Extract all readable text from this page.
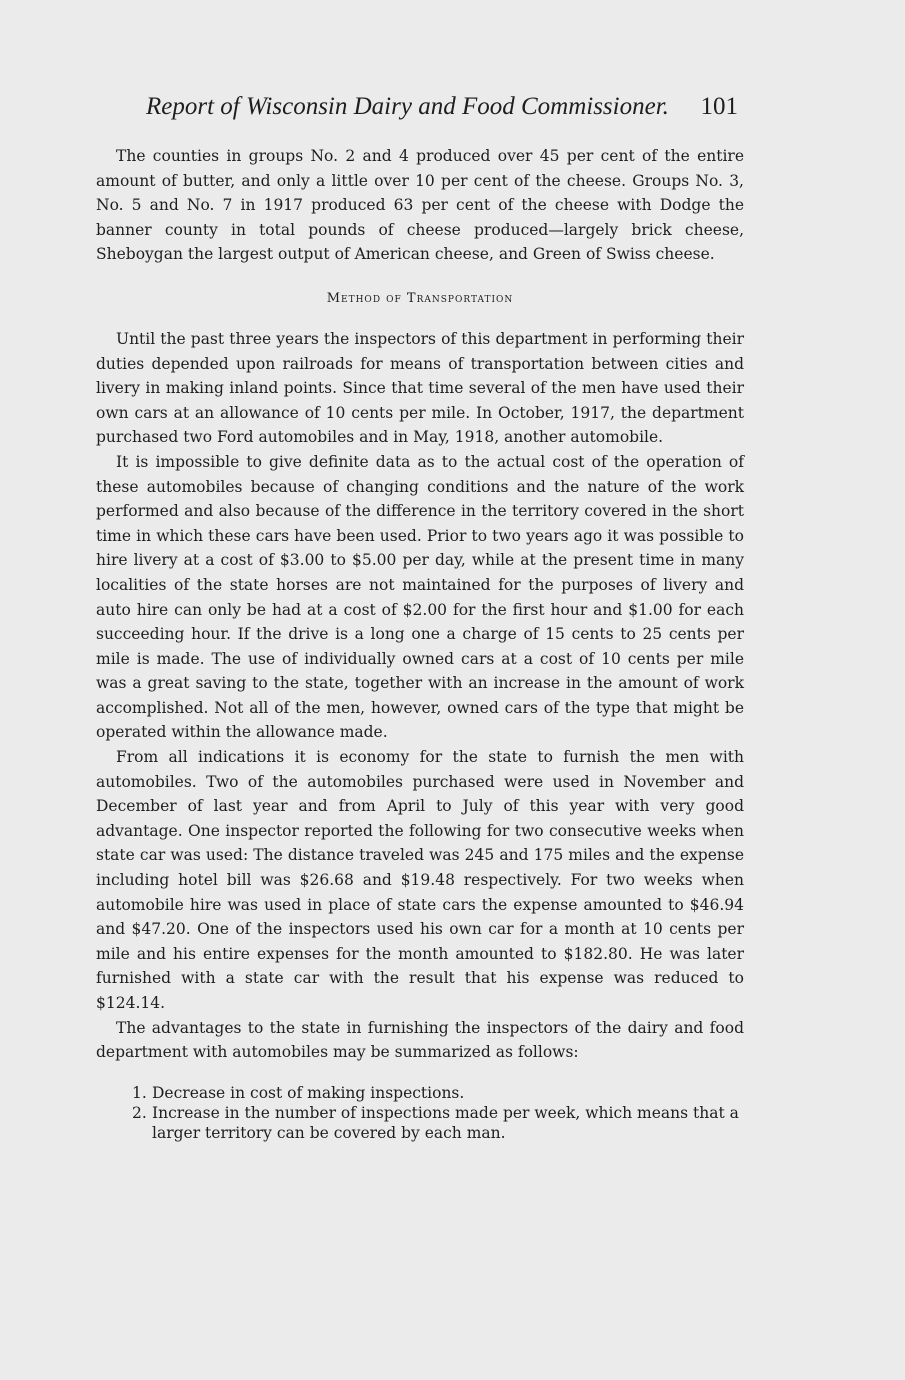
Report of Wisconsin Dairy and Food Commissioner. 101

The counties in groups No. 2 and 4 produced over 45 per cent of the entire amount of butter, and only a little over 10 per cent of the cheese. Groups No. 3, No. 5 and No. 7 in 1917 produced 63 per cent of the cheese with Dodge the banner county in total pounds of cheese produced—largely brick cheese, Sheboygan the largest output of American cheese, and Green of Swiss cheese.

Method of Transportation

Until the past three years the inspectors of this department in performing their duties depended upon railroads for means of transportation between cities and livery in making inland points. Since that time several of the men have used their own cars at an allowance of 10 cents per mile. In October, 1917, the department purchased two Ford automobiles and in May, 1918, another automobile.

It is impossible to give definite data as to the actual cost of the operation of these automobiles because of changing conditions and the nature of the work performed and also because of the difference in the territory covered in the short time in which these cars have been used. Prior to two years ago it was possible to hire livery at a cost of $3.00 to $5.00 per day, while at the present time in many localities of the state horses are not maintained for the purposes of livery and auto hire can only be had at a cost of $2.00 for the first hour and $1.00 for each succeeding hour. If the drive is a long one a charge of 15 cents to 25 cents per mile is made. The use of individually owned cars at a cost of 10 cents per mile was a great saving to the state, together with an increase in the amount of work accomplished. Not all of the men, however, owned cars of the type that might be operated within the allowance made.

From all indications it is economy for the state to furnish the men with automobiles. Two of the automobiles purchased were used in November and December of last year and from April to July of this year with very good advantage. One inspector reported the following for two consecutive weeks when state car was used: The distance traveled was 245 and 175 miles and the expense including hotel bill was $26.68 and $19.48 respectively. For two weeks when automobile hire was used in place of state cars the expense amounted to $46.94 and $47.20. One of the inspectors used his own car for a month at 10 cents per mile and his entire expenses for the month amounted to $182.80. He was later furnished with a state car with the result that his expense was reduced to $124.14.

The advantages to the state in furnishing the inspectors of the dairy and food department with automobiles may be summarized as follows:

1. Decrease in cost of making inspections.
2. Increase in the number of inspections made per week, which means that a larger territory can be covered by each man.
